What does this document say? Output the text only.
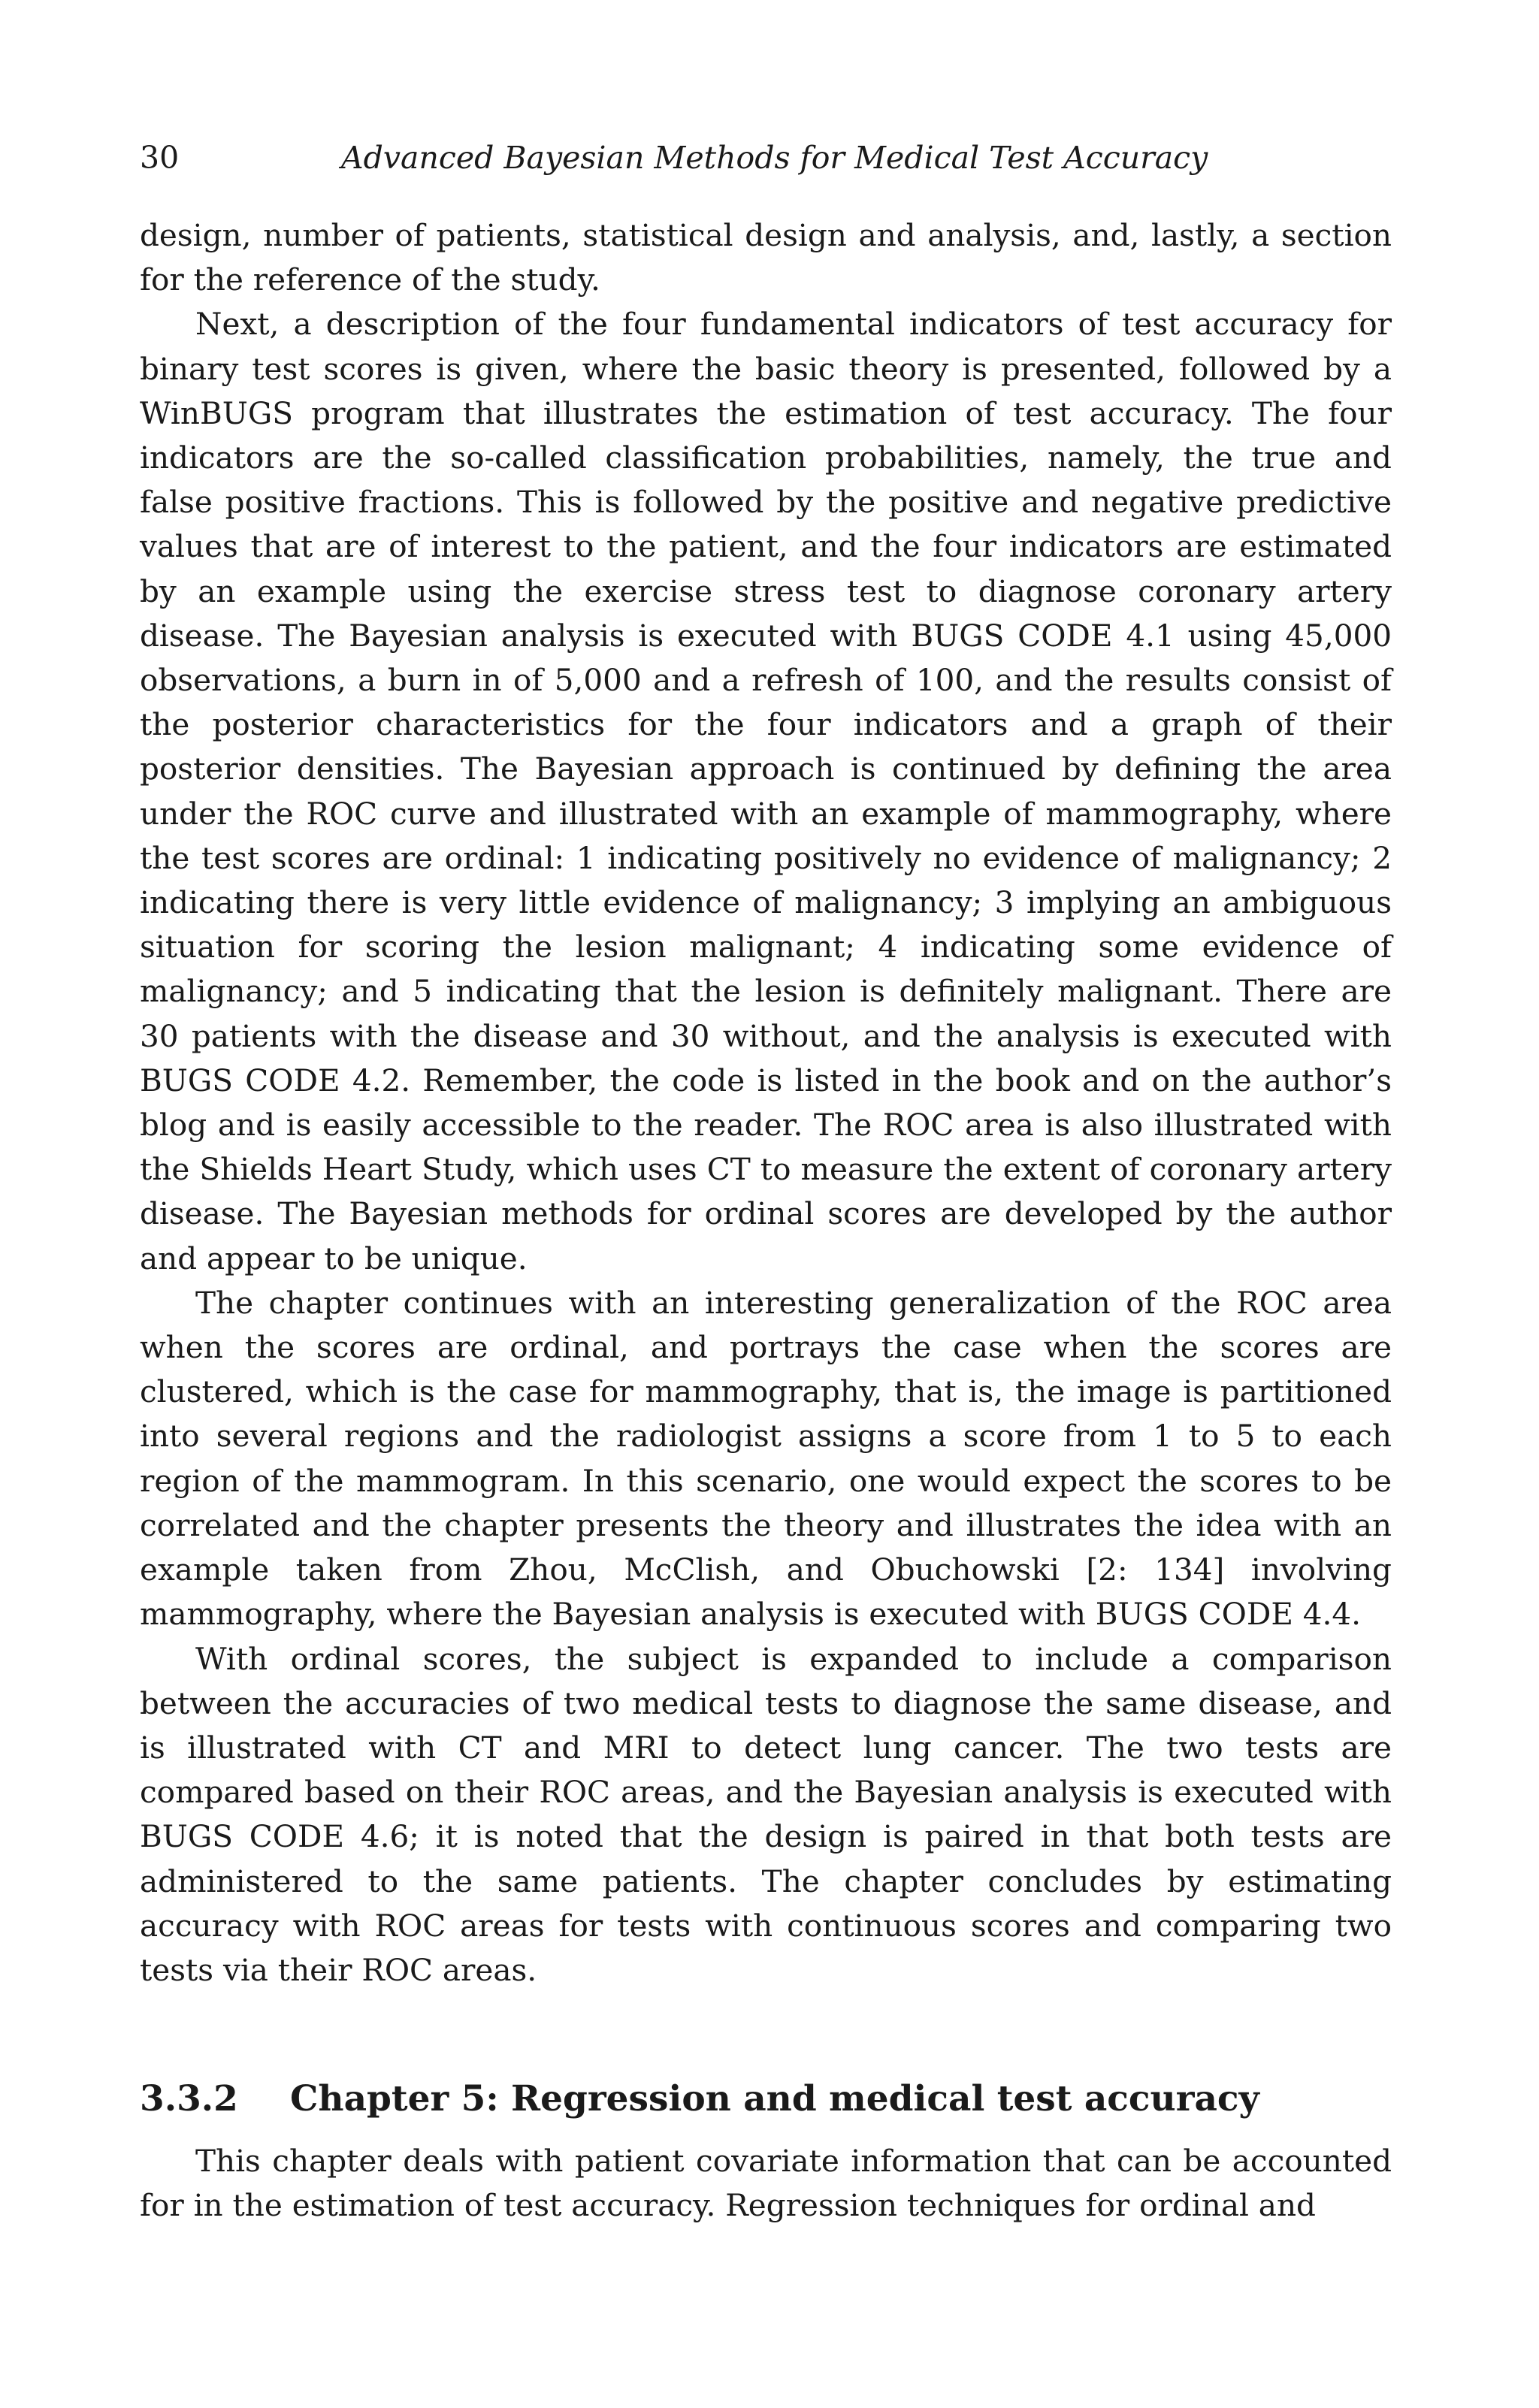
30	Advanced Bayesian Methods for Medical Test Accuracy

design, number of patients, statistical design and analysis, and, lastly, a section for the reference of the study.

Next, a description of the four fundamental indicators of test accuracy for binary test scores is given, where the basic theory is presented, followed by a WinBUGS program that illustrates the estimation of test accuracy. The four indicators are the so-called classification probabilities, namely, the true and false positive fractions. This is followed by the positive and negative predictive values that are of interest to the patient, and the four indicators are estimated by an example using the exercise stress test to diagnose coronary artery disease. The Bayesian analysis is executed with BUGS CODE 4.1 using 45,000 observations, a burn in of 5,000 and a refresh of 100, and the results consist of the posterior characteristics for the four indicators and a graph of their posterior densities. The Bayesian approach is continued by defining the area under the ROC curve and illustrated with an example of mammography, where the test scores are ordinal: 1 indicating positively no evidence of malignancy; 2 indicating there is very little evidence of malignancy; 3 implying an ambiguous situation for scoring the lesion malignant; 4 indicating some evidence of malignancy; and 5 indicating that the lesion is definitely malignant. There are 30 patients with the disease and 30 without, and the analysis is executed with BUGS CODE 4.2. Remember, the code is listed in the book and on the author’s blog and is easily accessible to the reader. The ROC area is also illustrated with the Shields Heart Study, which uses CT to measure the extent of coronary artery disease. The Bayesian methods for ordinal scores are developed by the author and appear to be unique.

The chapter continues with an interesting generalization of the ROC area when the scores are ordinal, and portrays the case when the scores are clustered, which is the case for mammography, that is, the image is partitioned into several regions and the radiologist assigns a score from 1 to 5 to each region of the mammogram. In this scenario, one would expect the scores to be correlated and the chapter presents the theory and illustrates the idea with an example taken from Zhou, McClish, and Obuchowski [2: 134] involving mammography, where the Bayesian analysis is executed with BUGS CODE 4.4.

With ordinal scores, the subject is expanded to include a comparison between the accuracies of two medical tests to diagnose the same disease, and is illustrated with CT and MRI to detect lung cancer. The two tests are compared based on their ROC areas, and the Bayesian analysis is executed with BUGS CODE 4.6; it is noted that the design is paired in that both tests are administered to the same patients. The chapter concludes by estimating accuracy with ROC areas for tests with continuous scores and comparing two tests via their ROC areas.

3.3.2 Chapter 5: Regression and medical test accuracy

This chapter deals with patient covariate information that can be accounted for in the estimation of test accuracy. Regression techniques for ordinal and
